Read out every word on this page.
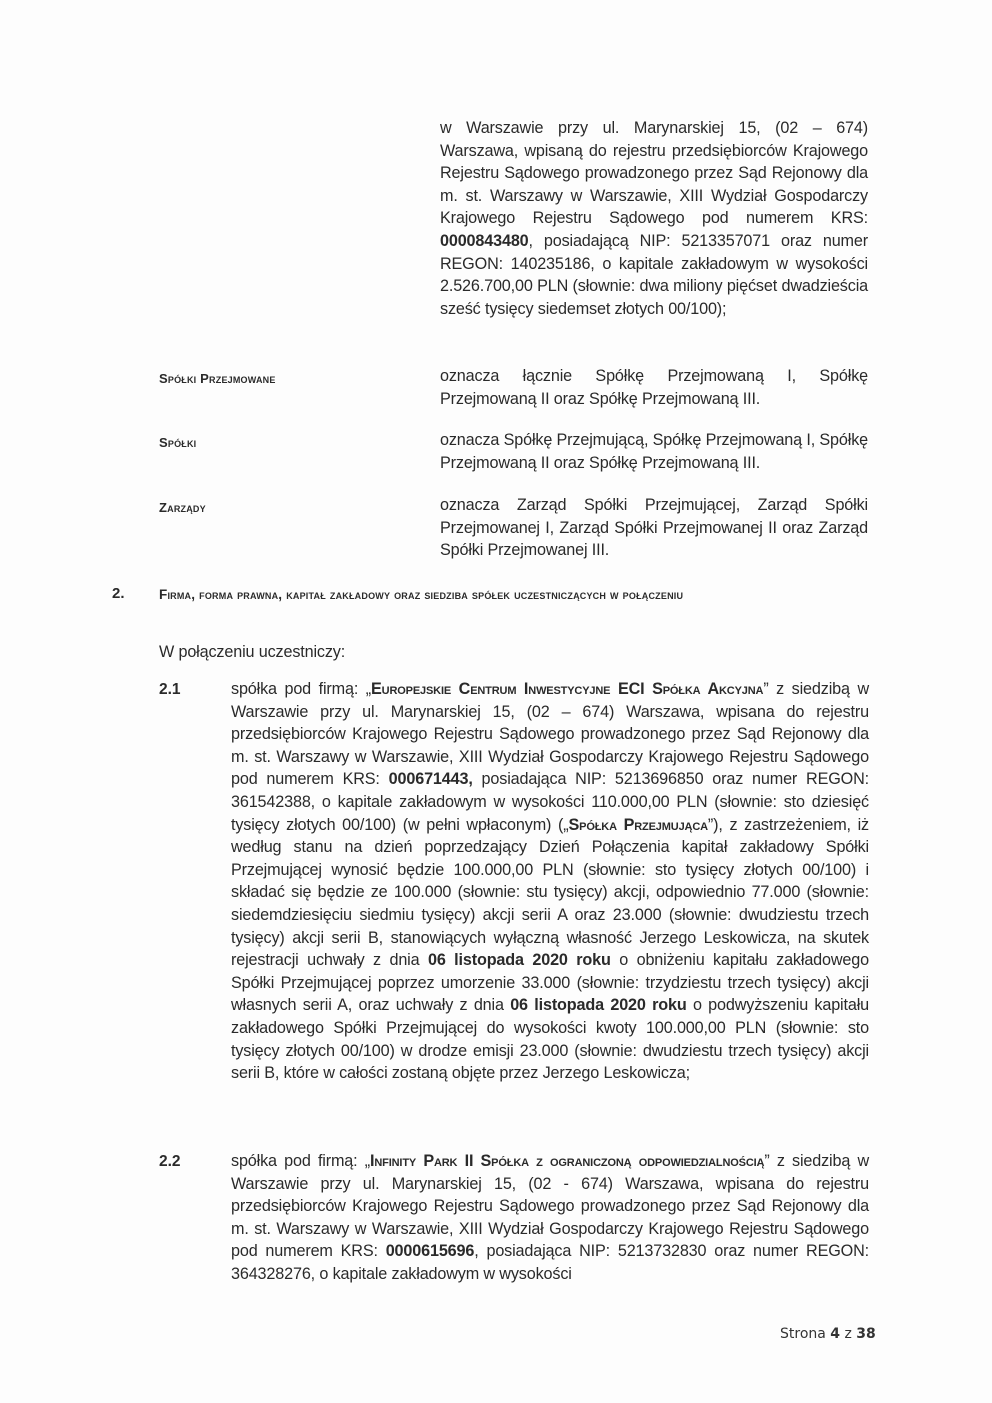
w Warszawie przy ul. Marynarskiej 15, (02 – 674) Warszawa, wpisaną do rejestru przedsiębiorców Krajowego Rejestru Sądowego prowadzonego przez Sąd Rejonowy dla m. st. Warszawy w Warszawie, XIII Wydział Gospodarczy Krajowego Rejestru Sądowego pod numerem KRS: 0000843480, posiadającą NIP: 5213357071 oraz numer REGON: 140235186, o kapitale zakładowym w wysokości 2.526.700,00 PLN (słownie: dwa miliony pięćset dwadzieścia sześć tysięcy siedemset złotych 00/100);
Spółki Przejmowane	oznacza łącznie Spółkę Przejmowaną I, Spółkę Przejmowaną II oraz Spółkę Przejmowaną III.
Spółki	oznacza Spółkę Przejmującą, Spółkę Przejmowaną I, Spółkę Przejmowaną II oraz Spółkę Przejmowaną III.
Zarządy	oznacza Zarząd Spółki Przejmującej, Zarząd Spółki Przejmowanej I, Zarząd Spółki Przejmowanej II oraz Zarząd Spółki Przejmowanej III.
2.	Firma, forma prawna, kapitał zakładowy oraz siedziba spółek uczestniczących w połączeniu
W połączeniu uczestniczy:
2.1	spółka pod firmą: „Europejskie Centrum Inwestycyjne ECI Spółka Akcyjna” z siedzibą w Warszawie przy ul. Marynarskiej 15, (02 – 674) Warszawa, wpisana do rejestru przedsiębiorców Krajowego Rejestru Sądowego prowadzonego przez Sąd Rejonowy dla m. st. Warszawy w Warszawie, XIII Wydział Gospodarczy Krajowego Rejestru Sądowego pod numerem KRS: 000671443, posiadająca NIP: 5213696850 oraz numer REGON: 361542388, o kapitale zakładowym w wysokości 110.000,00 PLN (słownie: sto dziesięć tysięcy złotych 00/100) (w pełni wpłaconym) („Spółka Przejmująca”), z zastrzeżeniem, iż według stanu na dzień poprzedzający Dzień Połączenia kapitał zakładowy Spółki Przejmującej wynosić będzie 100.000,00 PLN (słownie: sto tysięcy złotych 00/100) i składać się będzie ze 100.000 (słownie: stu tysięcy) akcji, odpowiednio 77.000 (słownie: siedemdziesięciu siedmiu tysięcy) akcji serii A oraz 23.000 (słownie: dwudziestu trzech tysięcy) akcji serii B, stanowiących wyłączną własność Jerzego Leskowicza, na skutek rejestracji uchwały z dnia 06 listopada 2020 roku o obniżeniu kapitału zakładowego Spółki Przejmującej poprzez umorzenie 33.000 (słownie: trzydziestu trzech tysięcy) akcji własnych serii A, oraz uchwały z dnia 06 listopada 2020 roku o podwyższeniu kapitału zakładowego Spółki Przejmującej do wysokości kwoty 100.000,00 PLN (słownie: sto tysięcy złotych 00/100) w drodze emisji 23.000 (słownie: dwudziestu trzech tysięcy) akcji serii B, które w całości zostaną objęte przez Jerzego Leskowicza;
2.2	spółka pod firmą: „Infinity Park II Spółka z ograniczoną odpowiedzialnością” z siedzibą w Warszawie przy ul. Marynarskiej 15, (02 - 674) Warszawa, wpisana do rejestru przedsiębiorców Krajowego Rejestru Sądowego prowadzonego przez Sąd Rejonowy dla m. st. Warszawy w Warszawie, XIII Wydział Gospodarczy Krajowego Rejestru Sądowego pod numerem KRS: 0000615696, posiadająca NIP: 5213732830 oraz numer REGON: 364328276, o kapitale zakładowym w wysokości
Strona 4 z 38
